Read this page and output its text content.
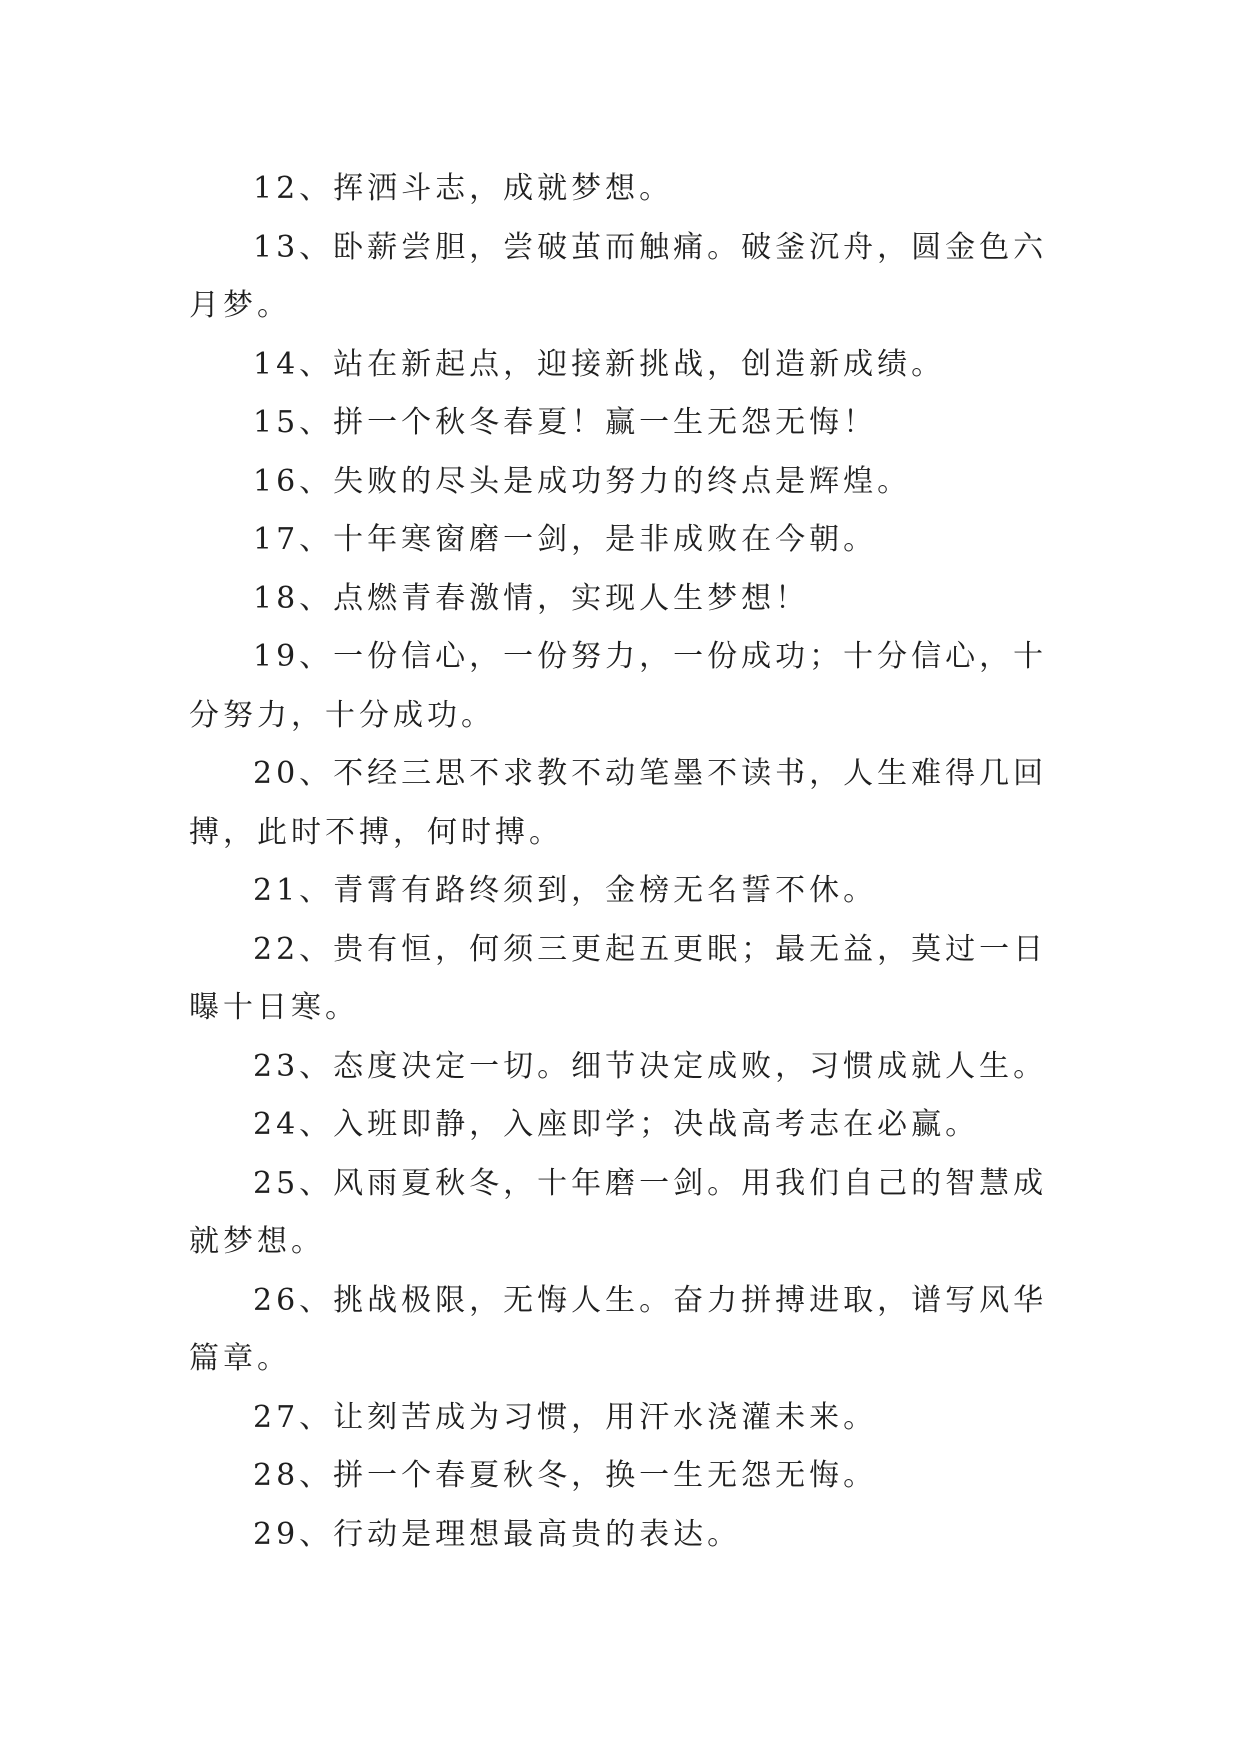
12、挥洒斗志，成就梦想。

13、卧薪尝胆，尝破茧而触痛。破釜沉舟，圆金色六月梦。

14、站在新起点，迎接新挑战，创造新成绩。

15、拼一个秋冬春夏！赢一生无怨无悔！

16、失败的尽头是成功努力的终点是辉煌。

17、十年寒窗磨一剑，是非成败在今朝。

18、点燃青春激情，实现人生梦想！

19、一份信心，一份努力，一份成功；十分信心，十分努力，十分成功。

20、不经三思不求教不动笔墨不读书，人生难得几回搏，此时不搏，何时搏。

21、青霄有路终须到，金榜无名誓不休。

22、贵有恒，何须三更起五更眠；最无益，莫过一日曝十日寒。

23、态度决定一切。细节决定成败，习惯成就人生。

24、入班即静，入座即学；决战高考志在必赢。

25、风雨夏秋冬，十年磨一剑。用我们自己的智慧成就梦想。

26、挑战极限，无悔人生。奋力拼搏进取，谱写风华篇章。

27、让刻苦成为习惯，用汗水浇灌未来。

28、拼一个春夏秋冬，换一生无怨无悔。

29、行动是理想最高贵的表达。
